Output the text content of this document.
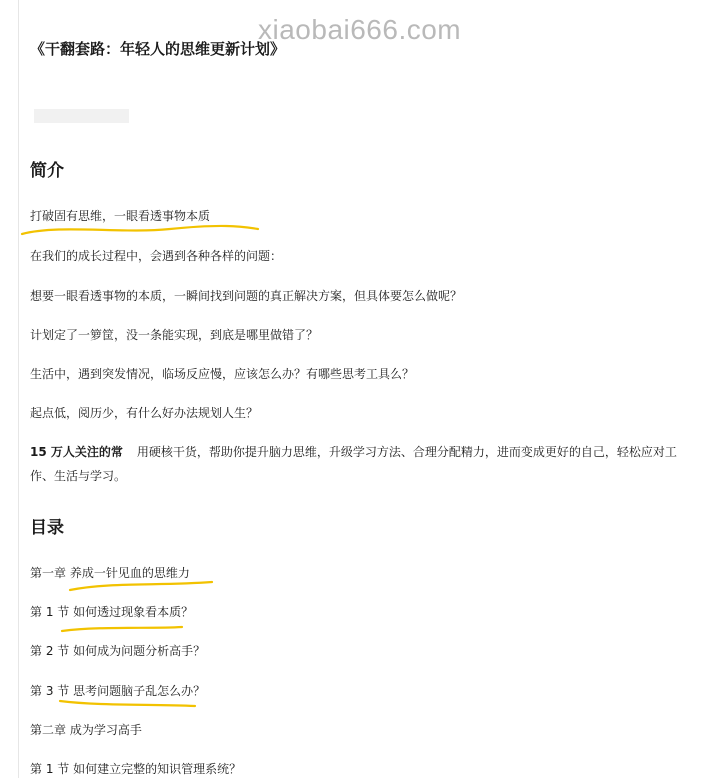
xiaobai666.com
《干翻套路：年轻人的思维更新计划》
简介
打破固有思维，一眼看透事物本质
在我们的成长过程中，会遇到各种各样的问题：
想要一眼看透事物的本质，一瞬间找到问题的真正解决方案，但具体要怎么做呢？
计划定了一箩筐，没一条能实现，到底是哪里做错了？
生活中，遇到突发情况，临场反应慢，应该怎么办？有哪些思考工具么？
起点低，阅历少，有什么好办法规划人生？
15 万人关注的常 用硬核干货，帮助你提升脑力思维，升级学习方法、合理分配精力，进而变成更好的自己，轻松应对工作、生活与学习。
目录
第一章 养成一针见血的思维力
第 1 节 如何透过现象看本质？
第 2 节 如何成为问题分析高手？
第 3 节 思考问题脑子乱怎么办？
第二章 成为学习高手
第 1 节 如何建立完整的知识管理系统？
